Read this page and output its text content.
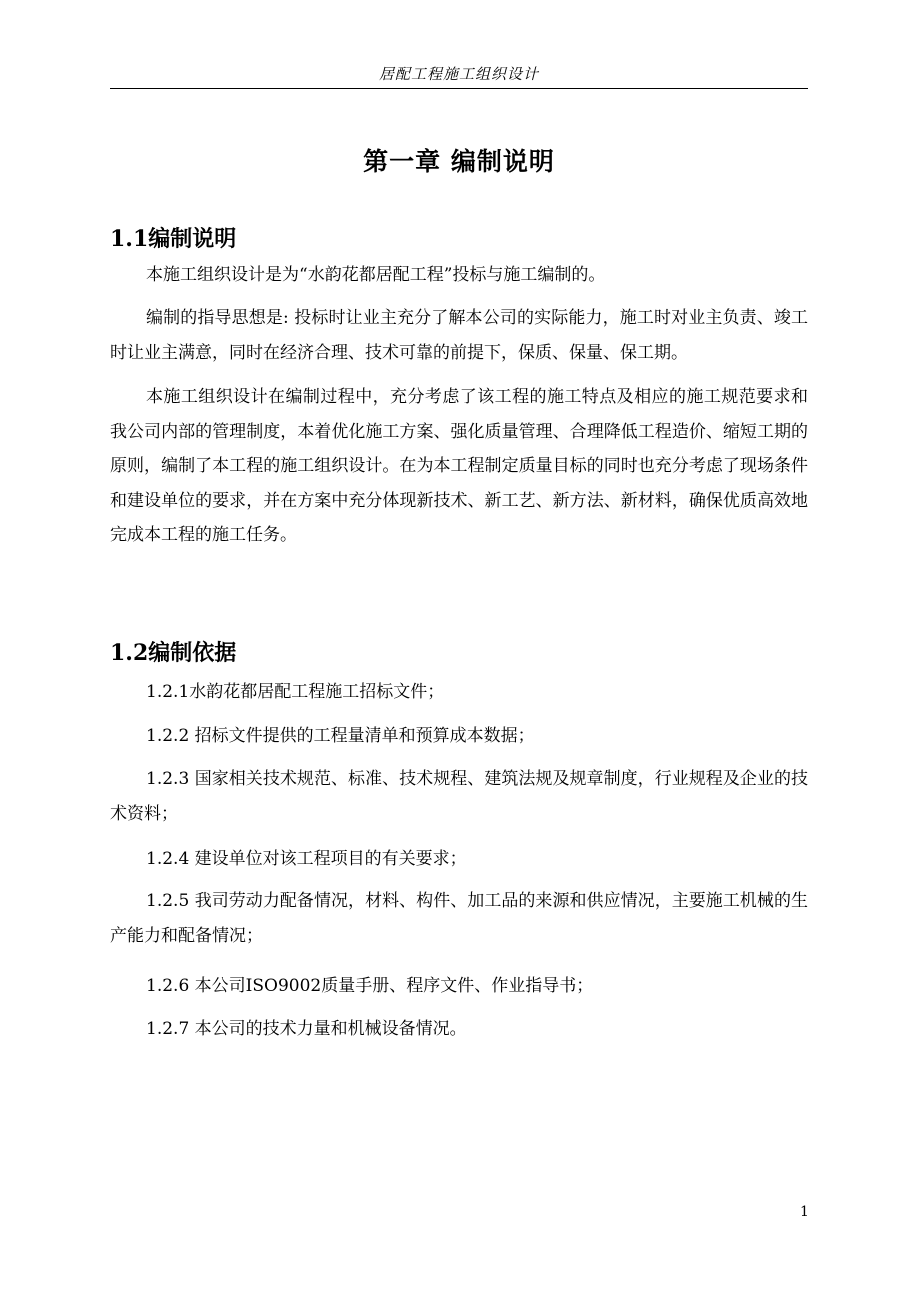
居配工程施工组织设计
第一章 编制说明
1.1编制说明
本施工组织设计是为“水韵花都居配工程”投标与施工编制的。
编制的指导思想是: 投标时让业主充分了解本公司的实际能力，施工时对业主负责、竣工时让业主满意，同时在经济合理、技术可靠的前提下，保质、保量、保工期。
本施工组织设计在编制过程中，充分考虑了该工程的施工特点及相应的施工规范要求和我公司内部的管理制度，本着优化施工方案、强化质量管理、合理降低工程造价、缩短工期的原则，编制了本工程的施工组织设计。在为本工程制定质量目标的同时也充分考虑了现场条件和建设单位的要求，并在方案中充分体现新技术、新工艺、新方法、新材料，确保优质高效地完成本工程的施工任务。
1.2编制依据
1.2.1水韵花都居配工程施工招标文件；
1.2.2 招标文件提供的工程量清单和预算成本数据；
1.2.3 国家相关技术规范、标准、技术规程、建筑法规及规章制度，行业规程及企业的技术资料；
1.2.4 建设单位对该工程项目的有关要求；
1.2.5 我司劳动力配备情况，材料、构件、加工品的来源和供应情况，主要施工机械的生产能力和配备情况；
1.2.6 本公司ISO9002质量手册、程序文件、作业指导书；
1.2.7 本公司的技术力量和机械设备情况。
1
